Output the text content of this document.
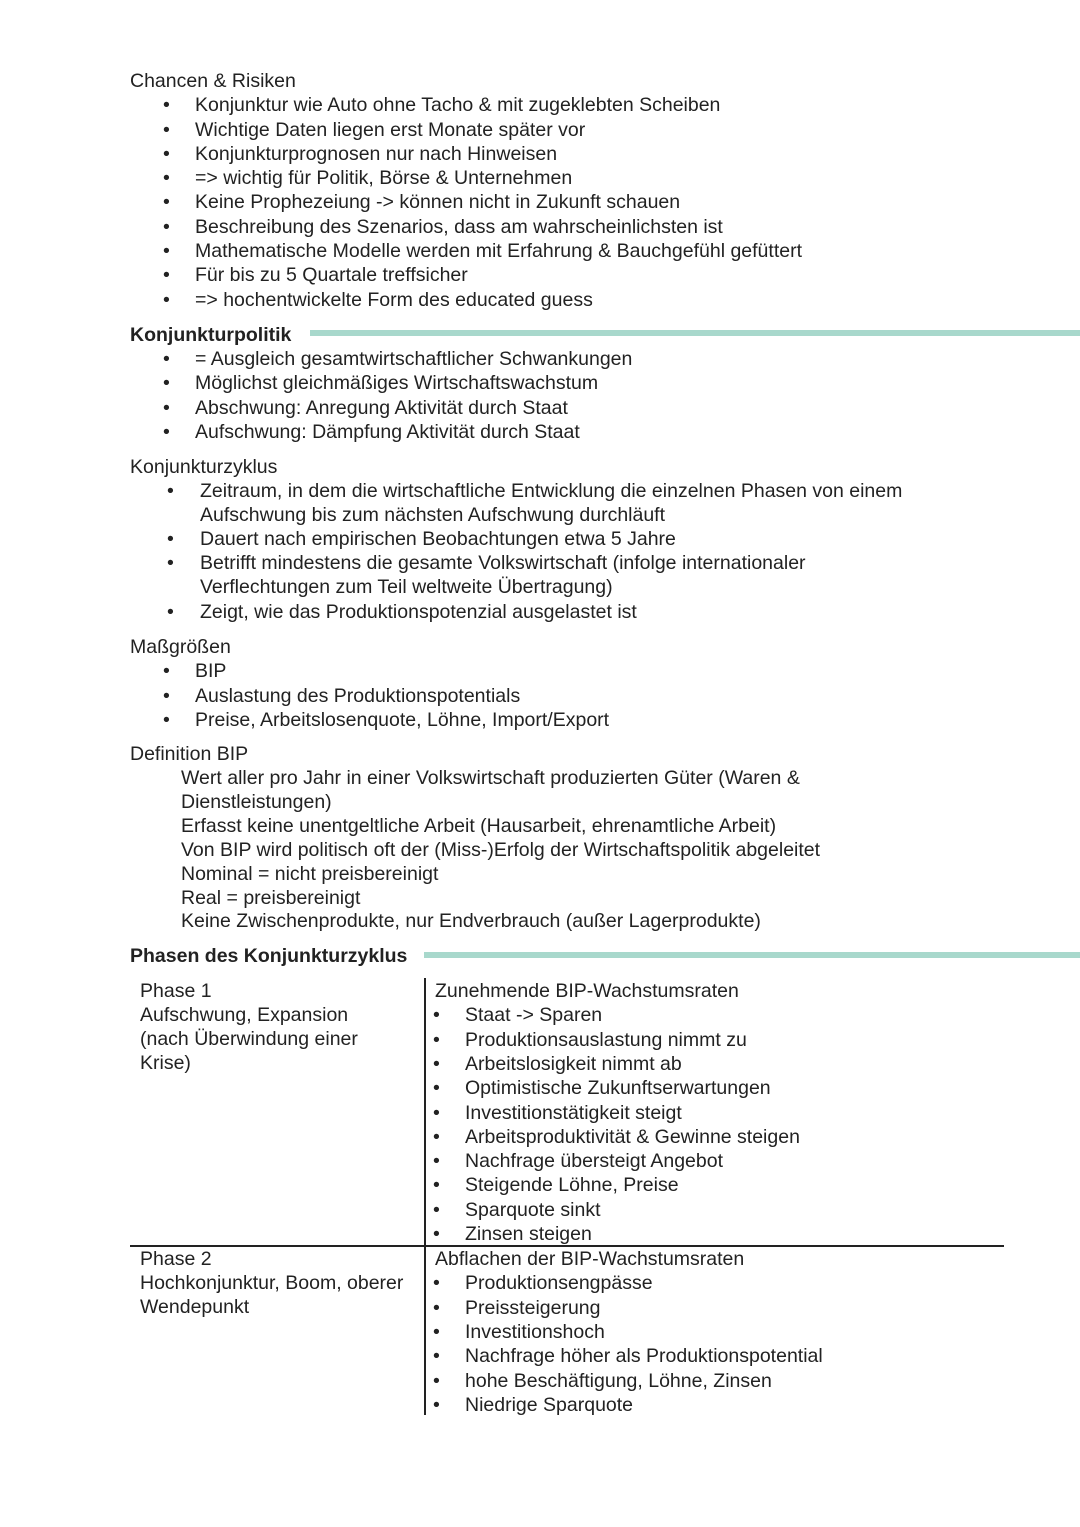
Chancen & Risiken
• Konjunktur wie Auto ohne Tacho & mit zugeklebten Scheiben
• Wichtige Daten liegen erst Monate später vor
• Konjunkturprognosen nur nach Hinweisen
• => wichtig für Politik, Börse & Unternehmen
• Keine Prophezeiung -> können nicht in Zukunft schauen
• Beschreibung des Szenarios, dass am wahrscheinlichsten ist
• Mathematische Modelle werden mit Erfahrung & Bauchgefühl gefüttert
• Für bis zu 5 Quartale treffsicher
• => hochentwickelte Form des educated guess
Konjunkturpolitik
• = Ausgleich gesamtwirtschaftlicher Schwankungen
• Möglichst gleichmäßiges Wirtschaftswachstum
• Abschwung: Anregung Aktivität durch Staat
• Aufschwung: Dämpfung Aktivität durch Staat
Konjunkturzyklus
• Zeitraum, in dem die wirtschaftliche Entwicklung die einzelnen Phasen von einem
Aufschwung bis zum nächsten Aufschwung durchläuft
• Dauert nach empirischen Beobachtungen etwa 5 Jahre
• Betrifft mindestens die gesamte Volkswirtschaft (infolge internationaler
Verflechtungen zum Teil weltweite Übertragung)
• Zeigt, wie das Produktionspotenzial ausgelastet ist
Maßgrößen
• BIP
• Auslastung des Produktionspotentials
• Preise, Arbeitslosenquote, Löhne, Import/Export
Definition BIP
Wert aller pro Jahr in einer Volkswirtschaft produzierten Güter (Waren &
Dienstleistungen)
Erfasst keine unentgeltliche Arbeit (Hausarbeit, ehrenamtliche Arbeit)
Von BIP wird politisch oft der (Miss-)Erfolg der Wirtschaftspolitik abgeleitet
Nominal = nicht preisbereinigt
Real = preisbereinigt
Keine Zwischenprodukte, nur Endverbrauch (außer Lagerprodukte)
Phasen des Konjunkturzyklus
Phase 1
Aufschwung, Expansion
(nach Überwindung einer
Krise)
Zunehmende BIP-Wachstumsraten
• Staat -> Sparen
• Produktionsauslastung nimmt zu
• Arbeitslosigkeit nimmt ab
• Optimistische Zukunftserwartungen
• Investitionstätigkeit steigt
• Arbeitsproduktivität & Gewinne steigen
• Nachfrage übersteigt Angebot
• Steigende Löhne, Preise
• Sparquote sinkt
• Zinsen steigen
Phase 2
Hochkonjunktur, Boom, oberer
Wendepunkt
Abflachen der BIP-Wachstumsraten
• Produktionsengpässe
• Preissteigerung
• Investitionshoch
• Nachfrage höher als Produktionspotential
• hohe Beschäftigung, Löhne, Zinsen
• Niedrige Sparquote
